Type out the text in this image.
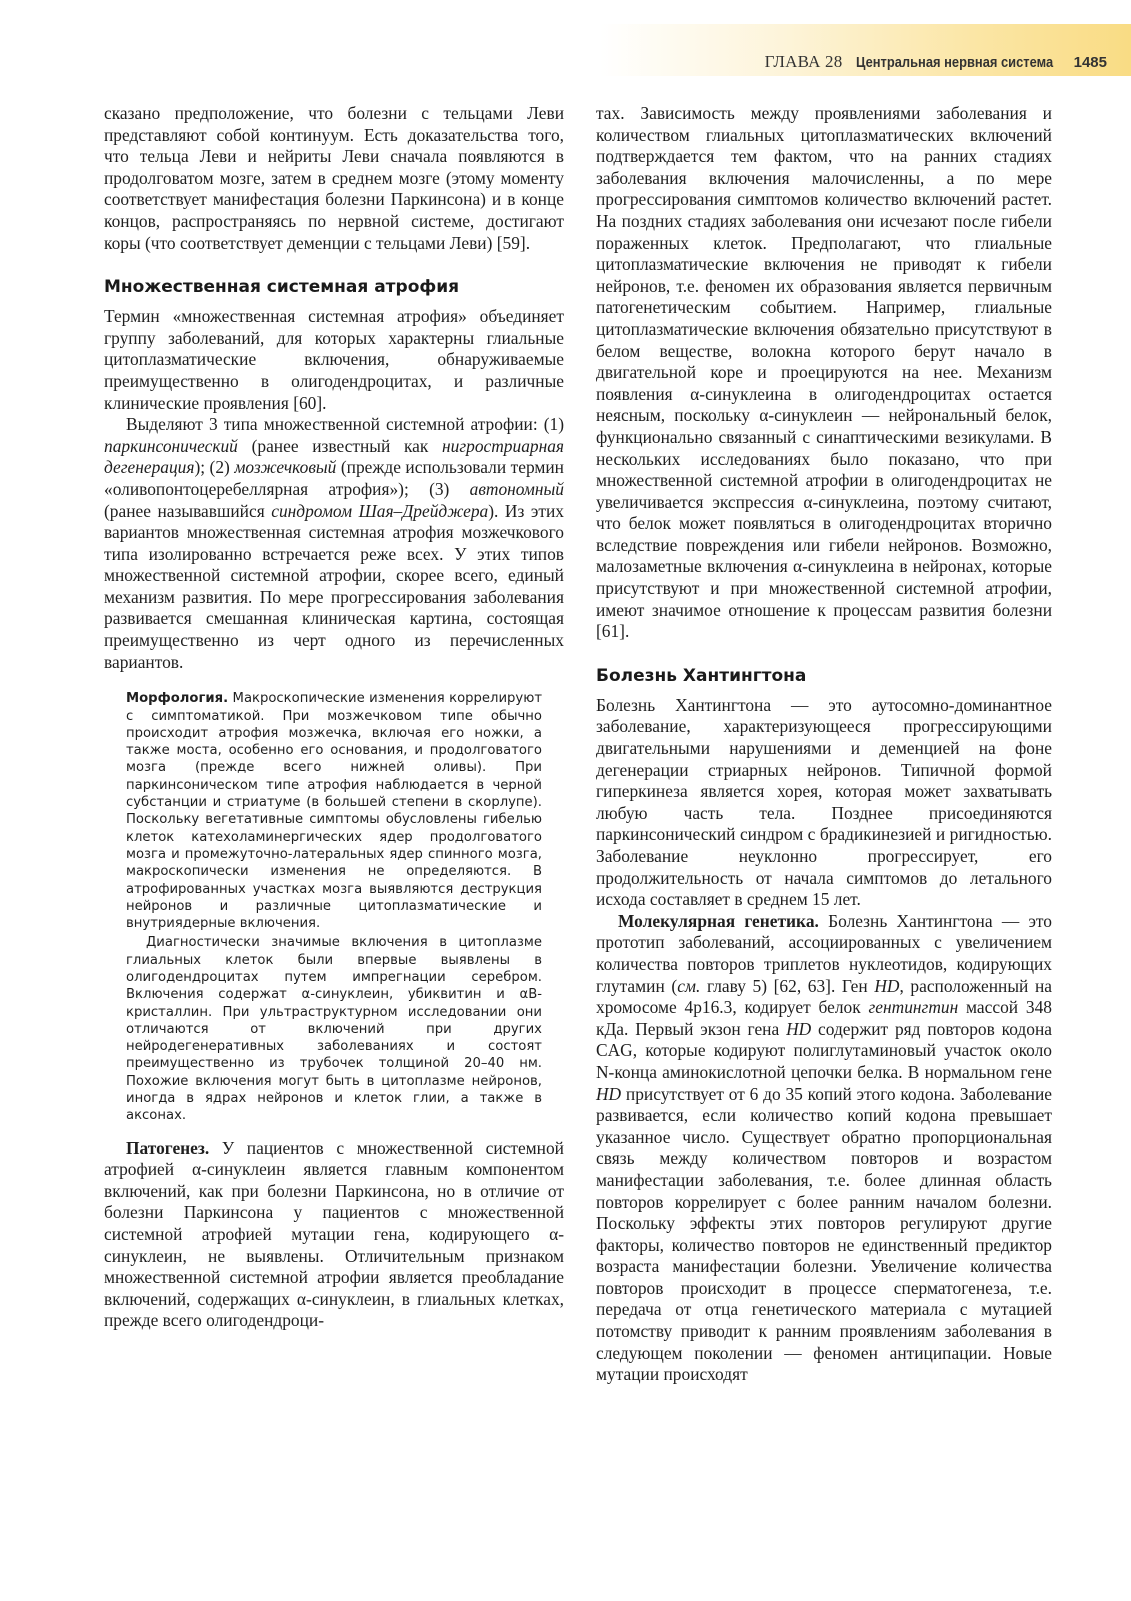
ГЛАВА 28 Центральная нервная система 1485

сказано предположение, что болезни с тельцами Леви представляют собой континуум. Есть доказательства того, что тельца Леви и нейриты Леви сначала появляются в продолговатом мозге, затем в среднем мозге (этому моменту соответствует манифестация болезни Паркинсона) и в конце концов, распространяясь по нервной системе, достигают коры (что соответствует деменции с тельцами Леви) [59].

Множественная системная атрофия

Термин «множественная системная атрофия» объединяет группу заболеваний, для которых характерны глиальные цитоплазматические включения, обнаруживаемые преимущественно в олигодендроцитах, и различные клинические проявления [60].

Выделяют 3 типа множественной системной атрофии: (1) паркинсонический (ранее известный как нигростриарная дегенерация); (2) мозжечковый (прежде использовали термин «оливопонтоцеребеллярная атрофия»); (3) автономный (ранее называвшийся синдромом Шая–Дрейджера). Из этих вариантов множественная системная атрофия мозжечкового типа изолированно встречается реже всех. У этих типов множественной системной атрофии, скорее всего, единый механизм развития. По мере прогрессирования заболевания развивается смешанная клиническая картина, состоящая преимущественно из черт одного из перечисленных вариантов.

Морфология. Макроскопические изменения коррелируют с симптоматикой. При мозжечковом типе обычно происходит атрофия мозжечка, включая его ножки, а также моста, особенно его основания, и продолговатого мозга (прежде всего нижней оливы). При паркинсоническом типе атрофия наблюдается в черной субстанции и стриатуме (в большей степени в скорлупе). Поскольку вегетативные симптомы обусловлены гибелью клеток катехоламинергических ядер продолговатого мозга и промежуточно-латеральных ядер спинного мозга, макроскопически изменения не определяются. В атрофированных участках мозга выявляются деструкция нейронов и различные цитоплазматические и внутриядерные включения.

Диагностически значимые включения в цитоплазме глиальных клеток были впервые выявлены в олигодендроцитах путем импрегнации серебром. Включения содержат α-синуклеин, убиквитин и αB-кристаллин. При ультраструктурном исследовании они отличаются от включений при других нейродегенеративных заболеваниях и состоят преимущественно из трубочек толщиной 20–40 нм. Похожие включения могут быть в цитоплазме нейронов, иногда в ядрах нейронов и клеток глии, а также в аксонах.

Патогенез. У пациентов с множественной системной атрофией α-синуклеин является главным компонентом включений, как при болезни Паркинсона, но в отличие от болезни Паркинсона у пациентов с множественной системной атрофией мутации гена, кодирующего α-синуклеин, не выявлены. Отличительным признаком множественной системной атрофии является преобладание включений, содержащих α-синуклеин, в глиальных клетках, прежде всего олигодендроци-

тах. Зависимость между проявлениями заболевания и количеством глиальных цитоплазматических включений подтверждается тем фактом, что на ранних стадиях заболевания включения малочисленны, а по мере прогрессирования симптомов количество включений растет. На поздних стадиях заболевания они исчезают после гибели пораженных клеток. Предполагают, что глиальные цитоплазматические включения не приводят к гибели нейронов, т.е. феномен их образования является первичным патогенетическим событием. Например, глиальные цитоплазматические включения обязательно присутствуют в белом веществе, волокна которого берут начало в двигательной коре и проецируются на нее. Механизм появления α-синуклеина в олигодендроцитах остается неясным, поскольку α-синуклеин — нейрональный белок, функционально связанный с синаптическими везикулами. В нескольких исследованиях было показано, что при множественной системной атрофии в олигодендроцитах не увеличивается экспрессия α-синуклеина, поэтому считают, что белок может появляться в олигодендроцитах вторично вследствие повреждения или гибели нейронов. Возможно, малозаметные включения α-синуклеина в нейронах, которые присутствуют и при множественной системной атрофии, имеют значимое отношение к процессам развития болезни [61].

Болезнь Хантингтона

Болезнь Хантингтона — это аутосомно-доминантное заболевание, характеризующееся прогрессирующими двигательными нарушениями и деменцией на фоне дегенерации стриарных нейронов. Типичной формой гиперкинеза является хорея, которая может захватывать любую часть тела. Позднее присоединяются паркинсонический синдром с брадикинезией и ригидностью. Заболевание неуклонно прогрессирует, его продолжительность от начала симптомов до летального исхода составляет в среднем 15 лет.

Молекулярная генетика. Болезнь Хантингтона — это прототип заболеваний, ассоциированных с увеличением количества повторов триплетов нуклеотидов, кодирующих глутамин (см. главу 5) [62, 63]. Ген HD, расположенный на хромосоме 4p16.3, кодирует белок гентингтин массой 348 кДа. Первый экзон гена HD содержит ряд повторов кодона CAG, которые кодируют полиглутаминовый участок около N-конца аминокислотной цепочки белка. В нормальном гене HD присутствует от 6 до 35 копий этого кодона. Заболевание развивается, если количество копий кодона превышает указанное число. Существует обратно пропорциональная связь между количеством повторов и возрастом манифестации заболевания, т.е. более длинная область повторов коррелирует с более ранним началом болезни. Поскольку эффекты этих повторов регулируют другие факторы, количество повторов не единственный предиктор возраста манифестации болезни. Увеличение количества повторов происходит в процессе сперматогенеза, т.е. передача от отца генетического материала с мутацией потомству приводит к ранним проявлениям заболевания в следующем поколении — феномен антиципации. Новые мутации происходят
